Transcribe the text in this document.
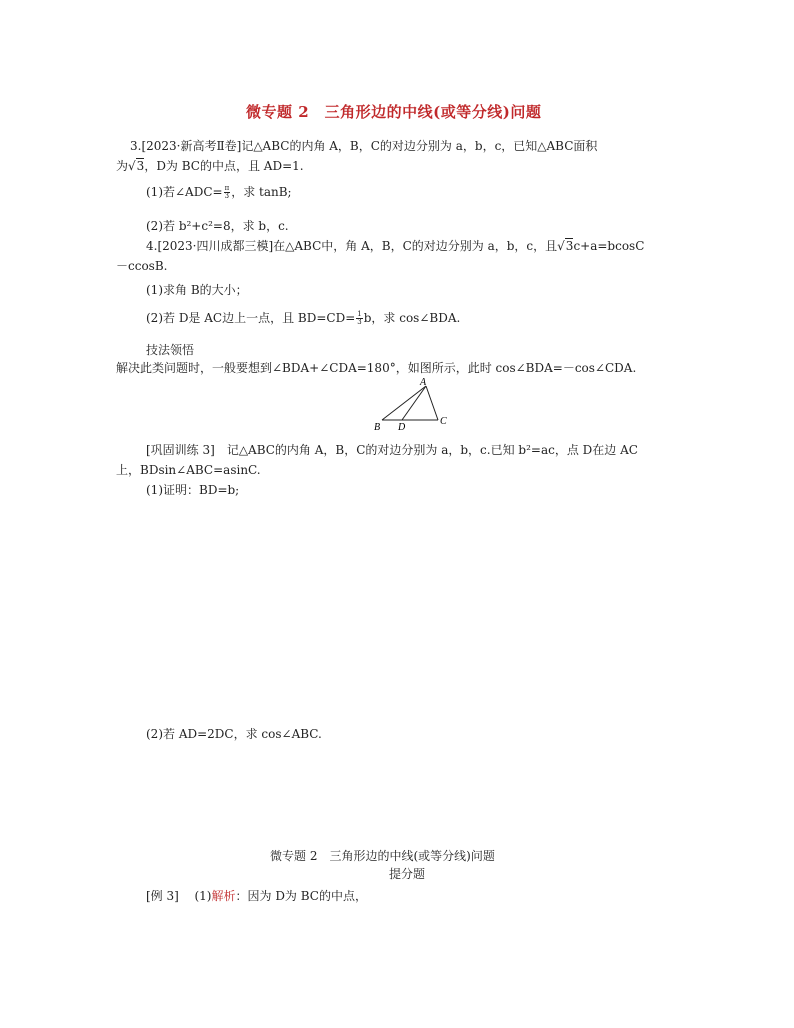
微专题 2　三角形边的中线(或等分线)问题
3.[2023·新高考Ⅱ卷]记△ABC的内角 A，B，C的对边分别为 a，b，c，已知△ABC面积
为√3，D为 BC的中点，且 AD=1.
(1)若∠ADC= $\frac{\pi}{3}$ ，求 tanB;
(2)若 b²+c²=8，求 b，c.
4.[2023·四川成都三模]在△ABC中，角 A，B，C的对边分别为 a，b，c，且√3c+a=bcosC
－ccosB.
(1)求角 B的大小；
(2)若 D是 AC边上一点，且 $BD=CD= \frac{1}{3}$ b，求 cos∠BDA.
技法领悟
解决此类问题时，一般要想到∠BDA+∠CDA=180°，如图所示，此时 cos∠BDA=－cos∠CDA.
A
B D
C
[巩固训练 3]　记△ABC的内角 A，B，C的对边分别为 a，b，c.已知 b²=ac，点 D在边 AC
上，BDsin∠ABC=asinC.
(1)证明：BD=b;
(2)若 AD=2DC，求 cos∠ABC.
微专题 2　三角形边的中线(或等分线)问题
提分题
[例 3] (1)解析：因为 D为 BC的中点，
